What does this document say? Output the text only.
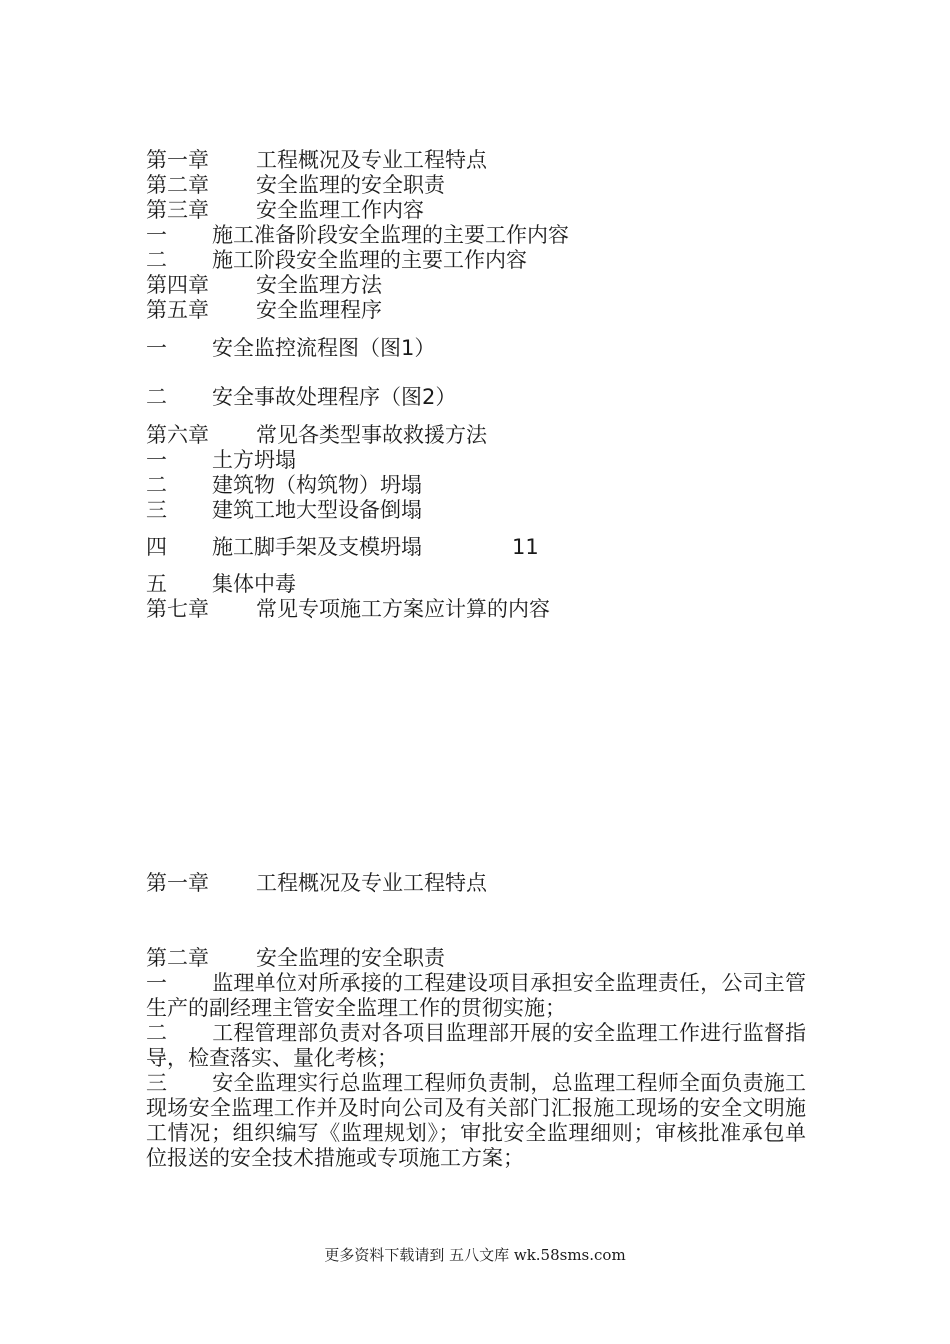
第一章 工程概况及专业工程特点
第二章 安全监理的安全职责
第三章 安全监理工作内容
一 施工准备阶段安全监理的主要工作内容
二 施工阶段安全监理的主要工作内容
第四章 安全监理方法
第五章 安全监理程序
一 安全监控流程图（图1）
二 安全事故处理程序（图2）
第六章 常见各类型事故救援方法
一 土方坍塌
二 建筑物（构筑物）坍塌
三 建筑工地大型设备倒塌
四 施工脚手架及支模坍塌	11
五 集体中毒
第七章 常见专项施工方案应计算的内容
第一章 工程概况及专业工程特点
第二章 安全监理的安全职责
一 监理单位对所承接的工程建设项目承担安全监理责任，公司主管生产的副经理主管安全监理工作的贯彻实施；
二 工程管理部负责对各项目监理部开展的安全监理工作进行监督指导，检查落实、量化考核；
三 安全监理实行总监理工程师负责制，总监理工程师全面负责施工现场安全监理工作并及时向公司及有关部门汇报施工现场的安全文明施工情况；组织编写《监理规划》；审批安全监理细则；审核批准承包单位报送的安全技术措施或专项施工方案；
更多资料下载请到 五八文库 wk.58sms.com
